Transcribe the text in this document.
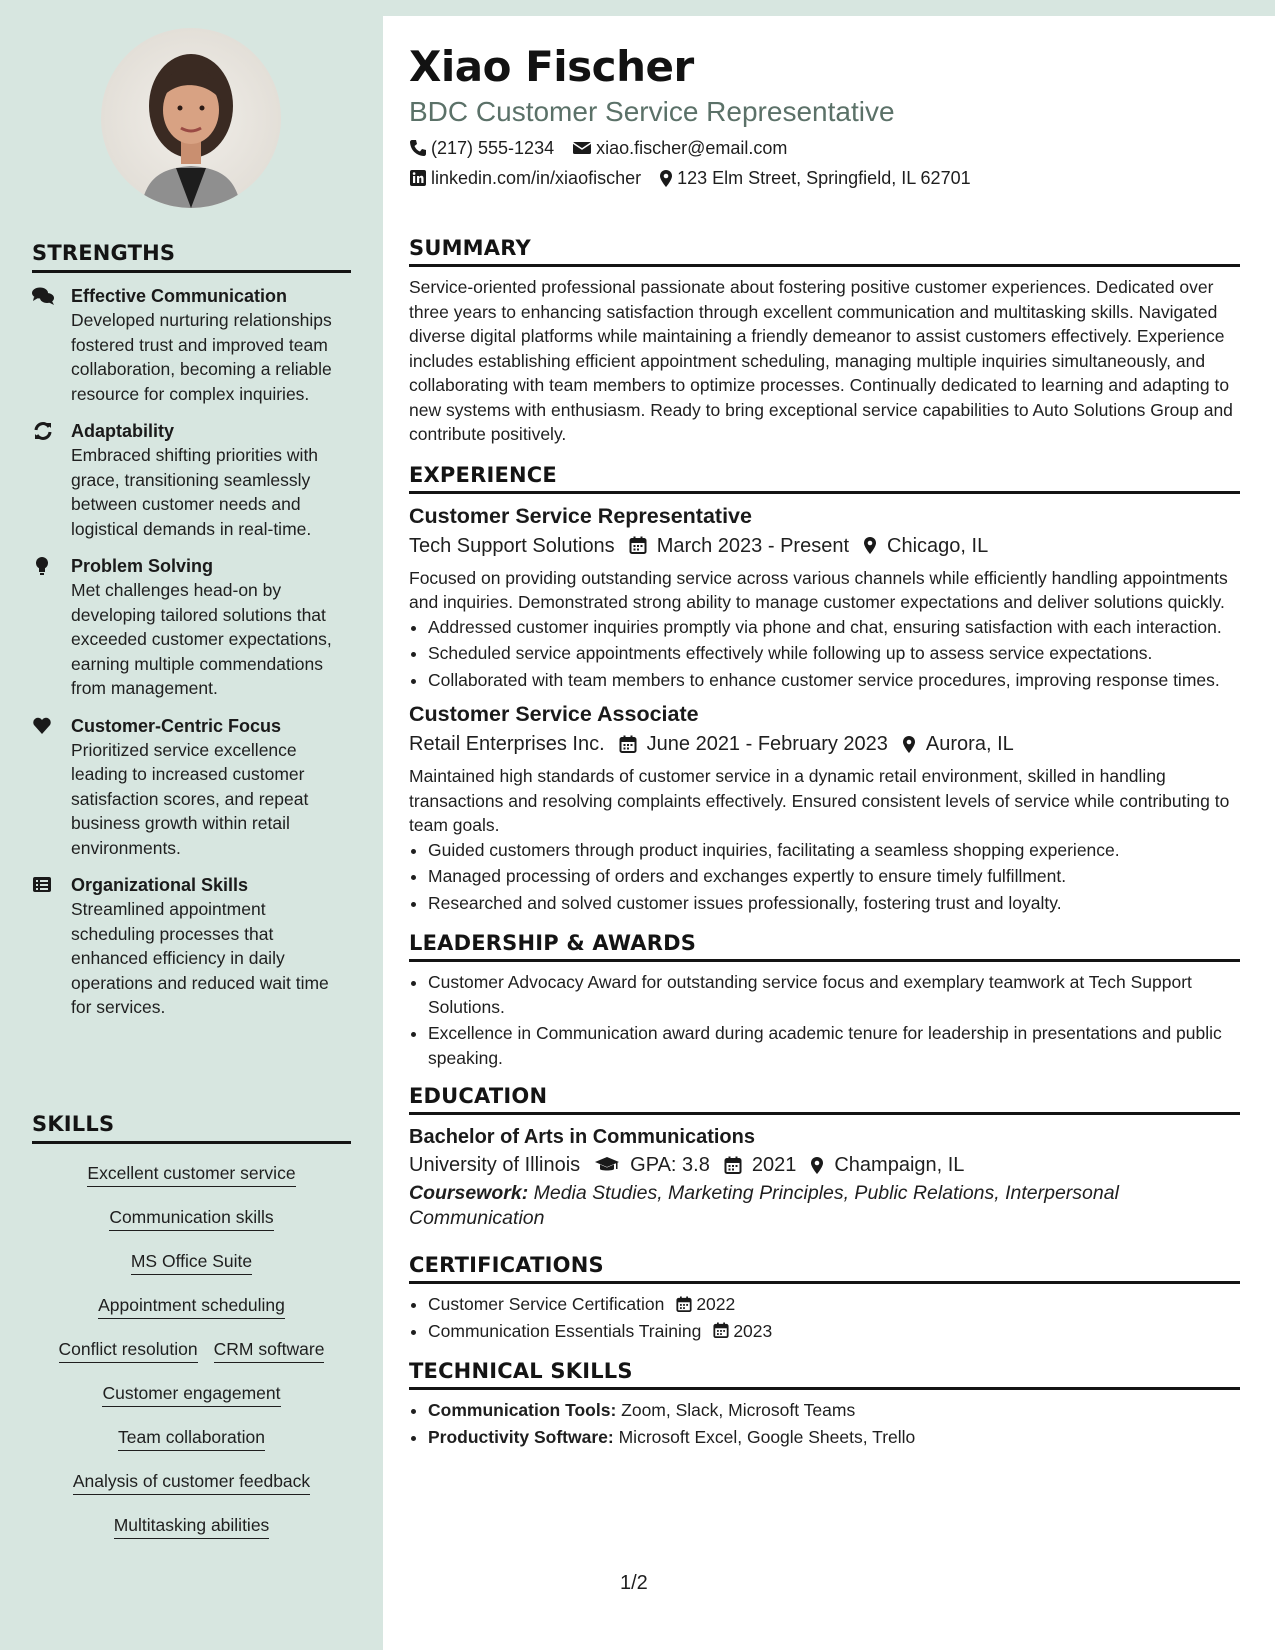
STRENGTHS
Effective Communication
Developed nurturing relationships fostered trust and improved team collaboration, becoming a reliable resource for complex inquiries.
Adaptability
Embraced shifting priorities with grace, transitioning seamlessly between customer needs and logistical demands in real-time.
Problem Solving
Met challenges head-on by developing tailored solutions that exceeded customer expectations, earning multiple commendations from management.
Customer-Centric Focus
Prioritized service excellence leading to increased customer satisfaction scores, and repeat business growth within retail environments.
Organizational Skills
Streamlined appointment scheduling processes that enhanced efficiency in daily operations and reduced wait time for services.
SKILLS
Excellent customer service
Communication skills
MS Office Suite
Appointment scheduling
Conflict resolution CRM software
Customer engagement
Team collaboration
Analysis of customer feedback
Multitasking abilities
Xiao Fischer
BDC Customer Service Representative
(217) 555-1234 xiao.fischer@email.com
linkedin.com/in/xiaofischer 123 Elm Street, Springfield, IL 62701
SUMMARY

Service-oriented professional passionate about fostering positive customer experiences. Dedicated over three years to enhancing satisfaction through excellent communication and multitasking skills. Navigated diverse digital platforms while maintaining a friendly demeanor to assist customers effectively. Experience includes establishing efficient appointment scheduling, managing multiple inquiries simultaneously, and collaborating with team members to optimize processes. Continually dedicated to learning and adapting to new systems with enthusiasm. Ready to bring exceptional service capabilities to Auto Solutions Group and contribute positively.

EXPERIENCE
Customer Service Representative
Tech Support Solutions March 2023 - Present Chicago, IL

Focused on providing outstanding service across various channels while efficiently handling appointments and inquiries. Demonstrated strong ability to manage customer expectations and deliver solutions quickly.

• Addressed customer inquiries promptly via phone and chat, ensuring satisfaction with each interaction.
• Scheduled service appointments effectively while following up to assess service expectations.
• Collaborated with team members to enhance customer service procedures, improving response times.
Customer Service Associate
Retail Enterprises Inc. June 2021 - February 2023 Aurora, IL

Maintained high standards of customer service in a dynamic retail environment, skilled in handling transactions and resolving complaints effectively. Ensured consistent levels of service while contributing to team goals.

• Guided customers through product inquiries, facilitating a seamless shopping experience.
• Managed processing of orders and exchanges expertly to ensure timely fulfillment.
• Researched and solved customer issues professionally, fostering trust and loyalty.
LEADERSHIP & AWARDS
• Customer Advocacy Award for outstanding service focus and exemplary teamwork at Tech Support Solutions.
• Excellence in Communication award during academic tenure for leadership in presentations and public speaking.
EDUCATION
Bachelor of Arts in Communications
University of Illinois	GPA: 3.8 2021 Champaign, IL
Coursework: Media Studies, Marketing Principles, Public Relations, Interpersonal Communication
CERTIFICATIONS
• Customer Service Certification 2022
• Communication Essentials Training 2023
TECHNICAL SKILLS
• Communication Tools: Zoom, Slack, Microsoft Teams
• Productivity Software: Microsoft Excel, Google Sheets, Trello
1/2
